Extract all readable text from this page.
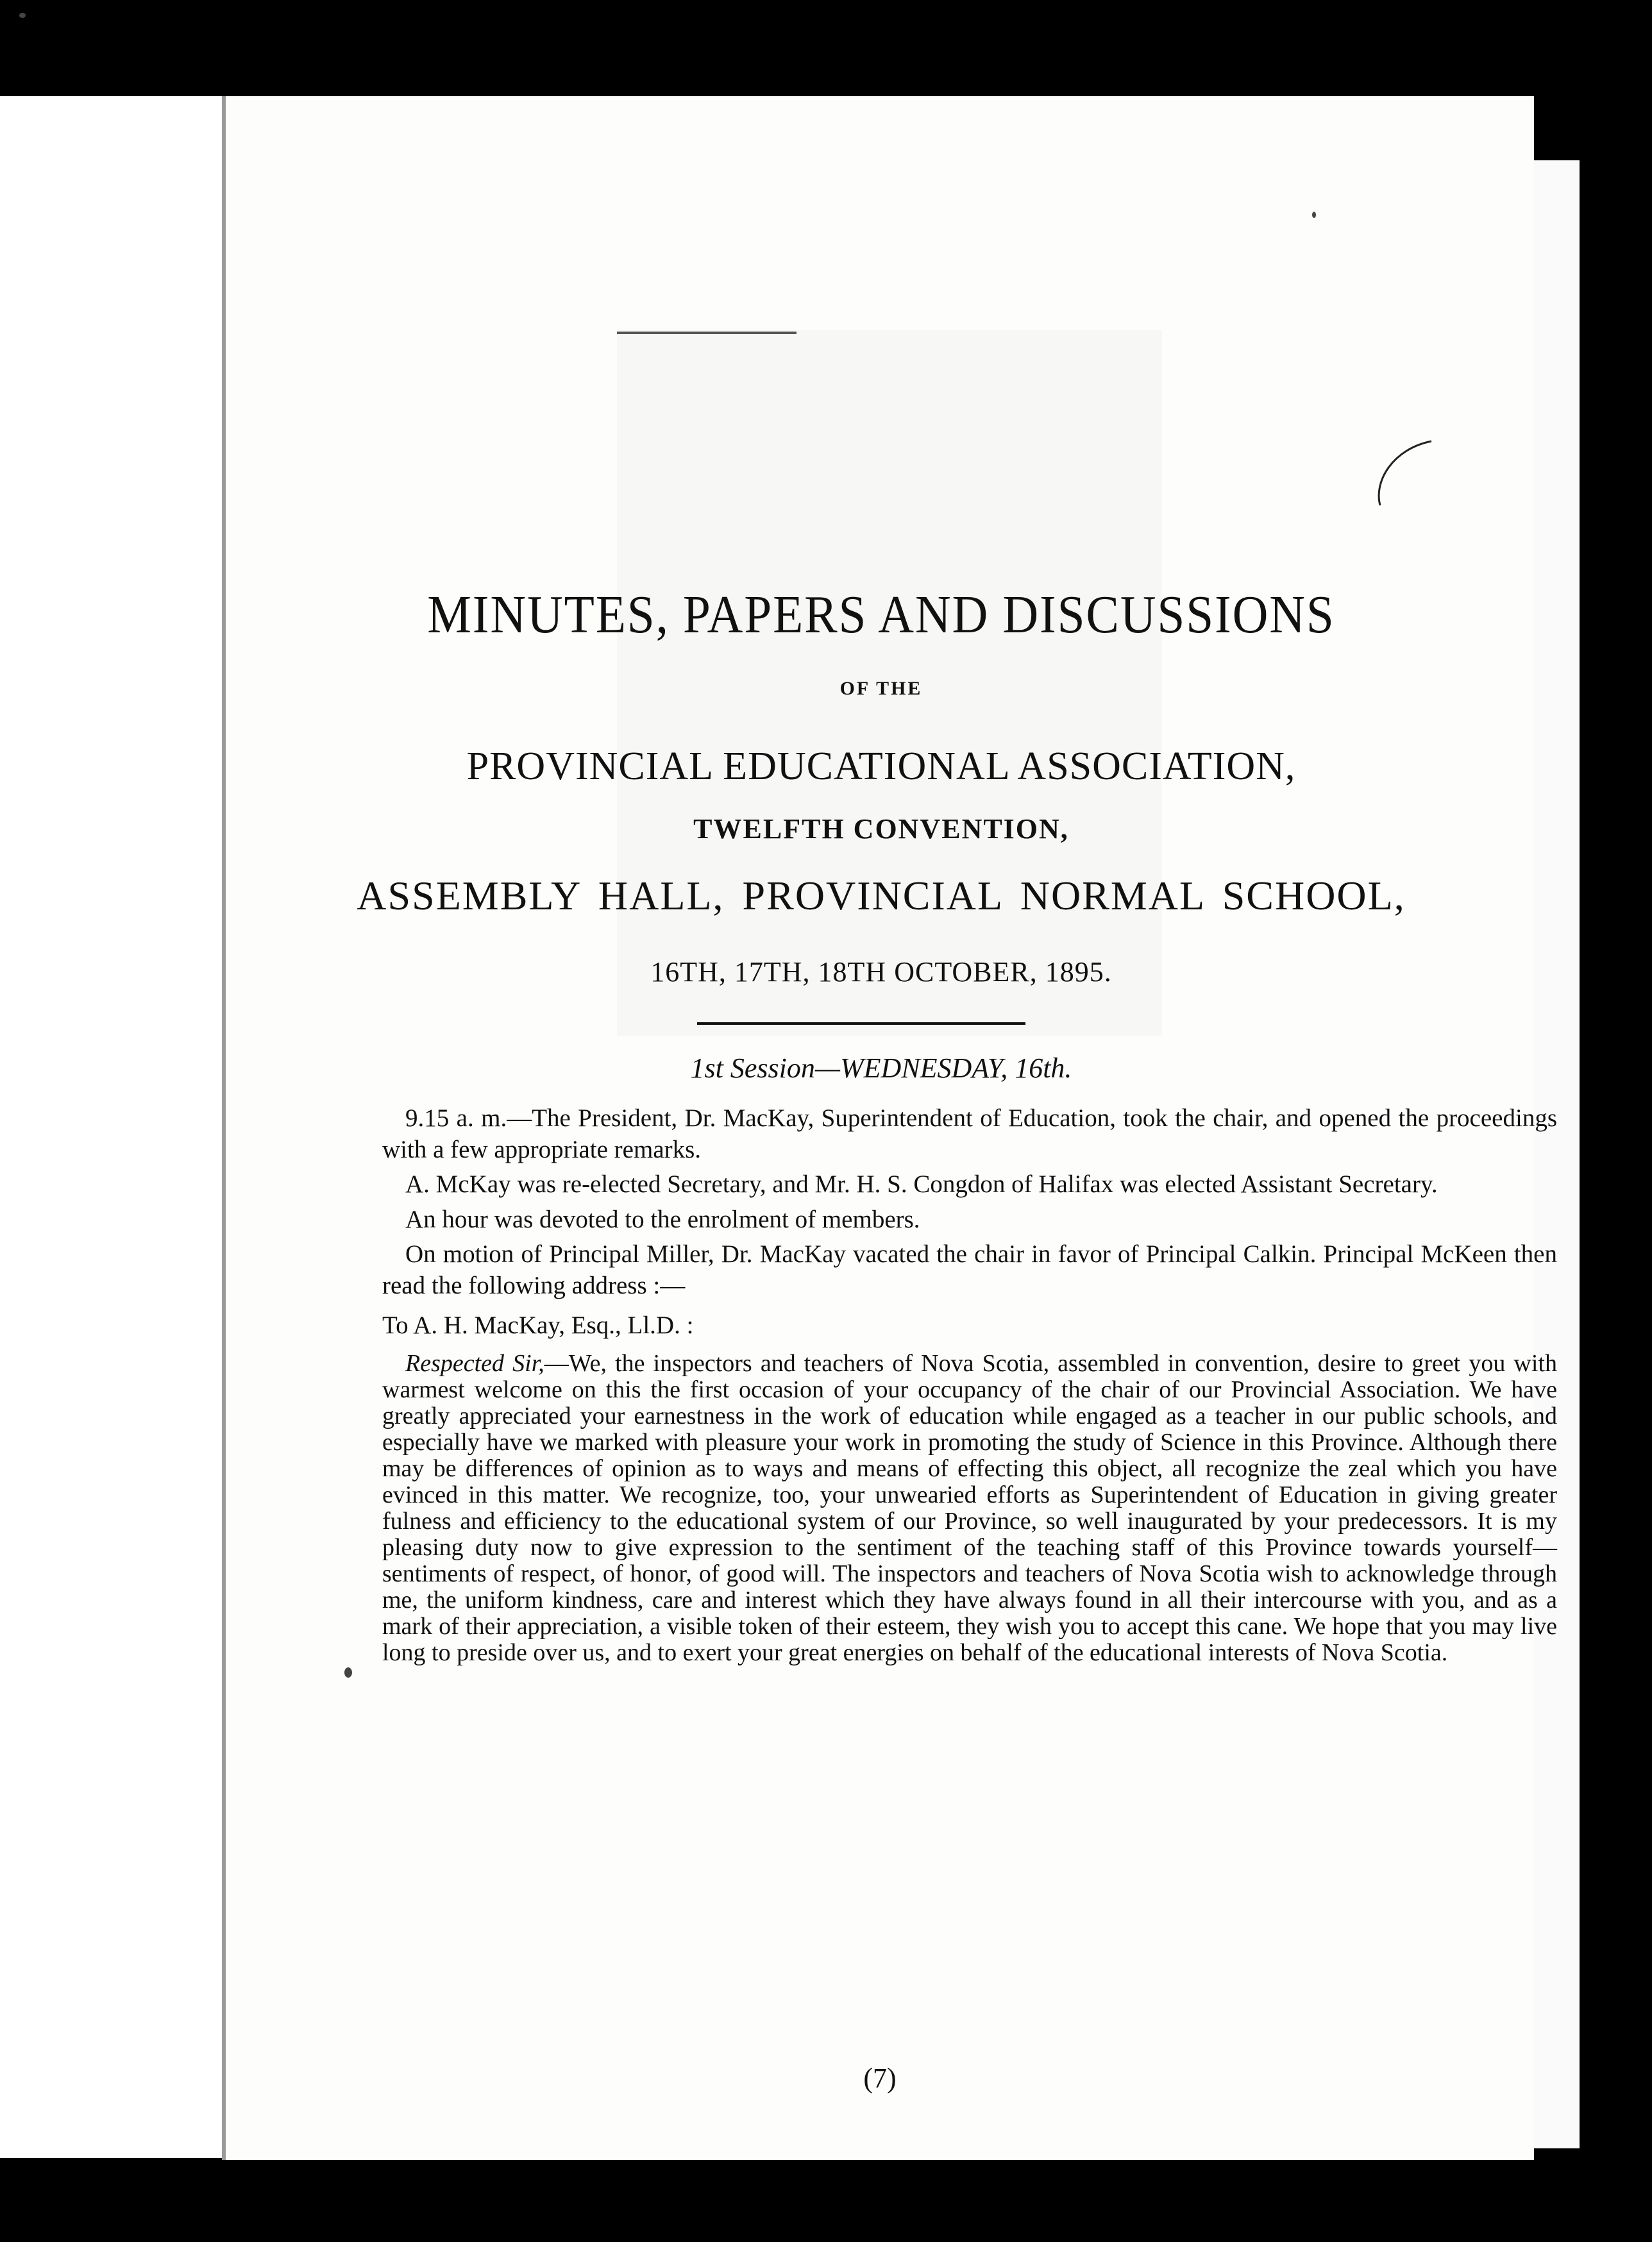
MINUTES, PAPERS AND DISCUSSIONS
OF THE
PROVINCIAL EDUCATIONAL ASSOCIATION,
TWELFTH CONVENTION,
ASSEMBLY HALL, PROVINCIAL NORMAL SCHOOL,
16TH, 17TH, 18TH OCTOBER, 1895.
1st Session—WEDNESDAY, 16th.

9.15 a. m.—The President, Dr. MacKay, Superintendent of Education, took the chair, and opened the proceedings with a few appropriate remarks.

A. McKay was re-elected Secretary, and Mr. H. S. Congdon of Halifax was elected Assistant Secretary.

An hour was devoted to the enrolment of members.

On motion of Principal Miller, Dr. MacKay vacated the chair in favor of Principal Calkin. Principal McKeen then read the following address :—

To A. H. MacKay, Esq., Ll.D. :

Respected Sir,—We, the inspectors and teachers of Nova Scotia, assembled in convention, desire to greet you with warmest welcome on this the first occasion of your occupancy of the chair of our Provincial Association. We have greatly appreciated your earnestness in the work of education while engaged as a teacher in our public schools, and especially have we marked with pleasure your work in promoting the study of Science in this Province. Although there may be differences of opinion as to ways and means of effecting this object, all recognize the zeal which you have evinced in this matter. We recognize, too, your unwearied efforts as Superintendent of Education in giving greater fulness and efficiency to the educational system of our Province, so well inaugurated by your predecessors. It is my pleasing duty now to give expression to the sentiment of the teaching staff of this Province towards yourself—sentiments of respect, of honor, of good will. The inspectors and teachers of Nova Scotia wish to acknowledge through me, the uniform kindness, care and interest which they have always found in all their intercourse with you, and as a mark of their appreciation, a visible token of their esteem, they wish you to accept this cane. We hope that you may live long to preside over us, and to exert your great energies on behalf of the educational interests of Nova Scotia.
(7)
